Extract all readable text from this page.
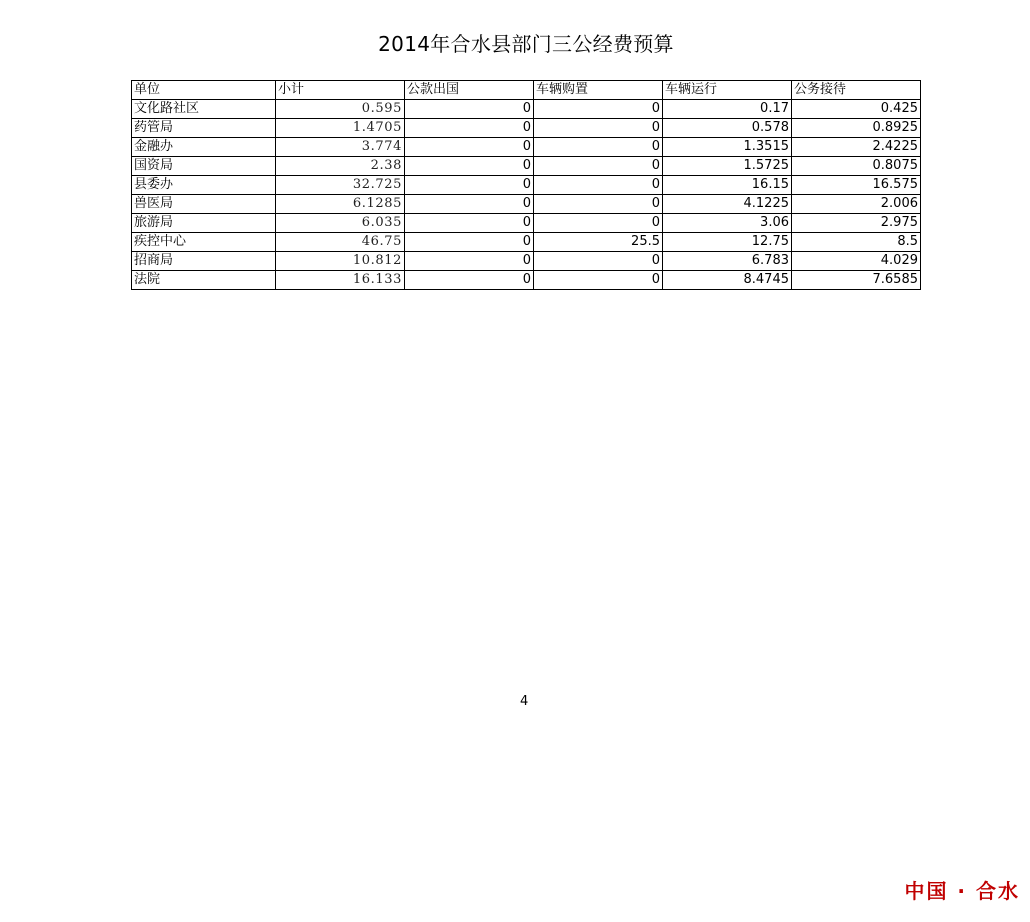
2014年合水县部门三公经费预算
单位	小计	公款出国	车辆购置	车辆运行	公务接待
文化路社区	0.595	0	0	0.17	0.425
药管局	1.4705	0	0	0.578	0.8925
金融办	3.774	0	0	1.3515	2.4225
国资局	2.38	0	0	1.5725	0.8075
县委办	32.725	0	0	16.15	16.575
兽医局	6.1285	0	0	4.1225	2.006
旅游局	6.035	0	0	3.06	2.975
疾控中心	46.75	0	25.5	12.75	8.5
招商局	10.812	0	0	6.783	4.029
法院	16.133	0	0	8.4745	7.6585
4
中国 · 合水
